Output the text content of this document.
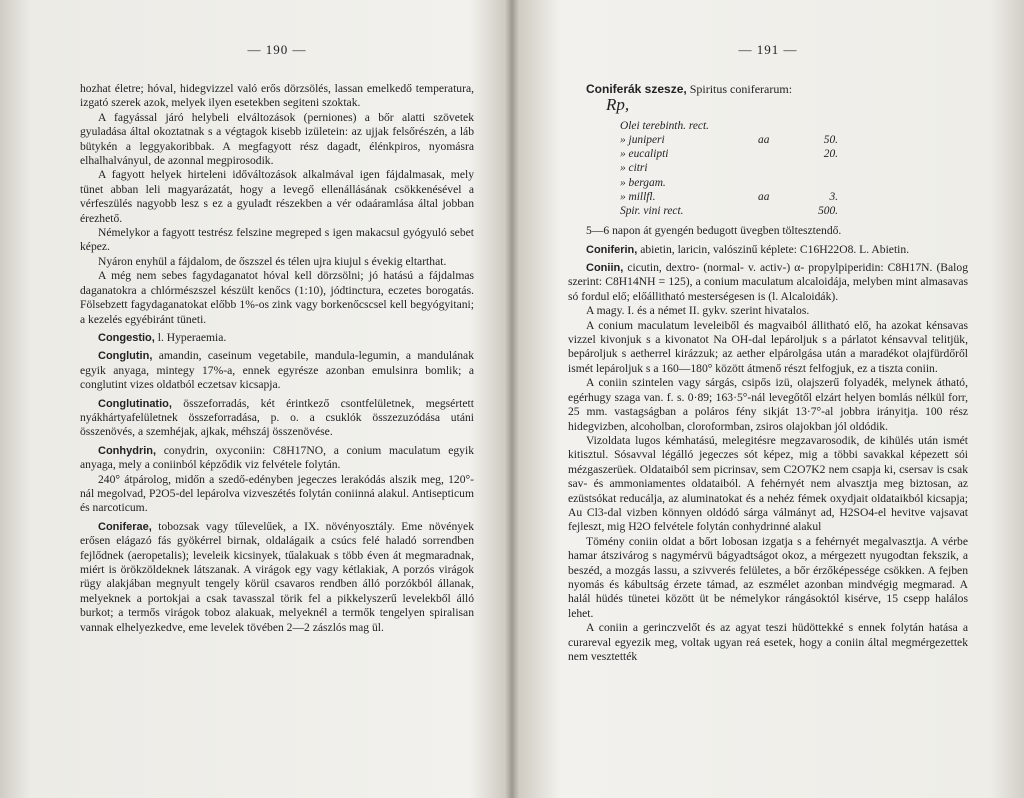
— 190 —

hozhat életre; hóval, hidegvizzel való erős dörzsölés, lassan emelkedő temperatura, izgató szerek azok, melyek ilyen esetekben segiteni szoktak.

A fagyással járó helybeli elváltozások (perniones) a bőr alatti szövetek gyuladása által okoztatnak s a végtagok kisebb izületein: az ujjak felsőrészén, a láb bütykén a leggyakoribbak. A megfagyott rész dagadt, élénkpiros, nyomásra elhalhalványul, de azonnal megpirosodik.

A fagyott helyek hirteleni időváltozások alkalmával igen fájdalmasak, mely tünet abban leli magyarázatát, hogy a levegő ellenállásának csökkenésével a vérfeszülés nagyobb lesz s ez a gyuladt részekben a vér odaáramlása által jobban érezhető.

Némelykor a fagyott testrész felszine megreped s igen makacsul gyógyuló sebet képez.

Nyáron enyhül a fájdalom, de őszszel és télen ujra kiujul s évekig eltarthat.

A még nem sebes fagydaganatot hóval kell dörzsölni; jó hatású a fájdalmas daganatokra a chlórmészszel készült kenőcs (1:10), jódtinctura, eczetes borogatás. Fölsebzett fagydaganatokat előbb 1%-os zink vagy borkenőcscsel kell begyógyitani; a kezelés egyébiránt tüneti.

Congestio, l. Hyperaemia.

Conglutin, amandin, caseinum vegetabile, mandula-legumin, a mandulának egyik anyaga, mintegy 17%-a, ennek egyrésze azonban emulsinra bomlik; a conglutint vizes oldatból eczetsav kicsapja.

Conglutinatio, összeforradás, két érintkező csontfelületnek, megsértett nyákhártyafelületnek összeforradása, p. o. a csuklók összezuzódása utáni összenövés, a szemhéjak, ajkak, méhszáj összenövése.

Conhydrin, conydrin, oxyconiin: C8H17NO, a conium maculatum egyik anyaga, mely a coniinból képződik viz felvétele folytán.

240° átpárolog, midőn a szedő-edényben jegeczes lerakódás alszik meg, 120°-nál megolvad, P2O5-del lepárolva vizveszétés folytán coniinná alakul. Antisepticum és narcoticum.

Coniferae, tobozsak vagy tűlevelűek, a IX. növényosztály. Eme növények erősen elágazó fás gyökérrel birnak, oldalágaik a csúcs felé haladó sorrendben fejlődnek (aeropetalis); leveleik kicsinyek, tűalakuak s több éven át megmaradnak, miért is örökzöldeknek látszanak. A virágok egy vagy kétlakiak, A porzós virágok rügy alakjában megnyult tengely körül csavaros rendben álló porzókból állanak, melyeknek a portokjai a csak tavasszal törik fel a pikkelyszerű levelekből álló burkot; a termős virágok toboz alakuak, melyeknél a termők tengelyen spiralisan vannak elhelyezkedve, eme levelek tövében 2—2 zászlós mag ül.

— 191 —

Coniferák szesze, Spiritus coniferarum:

Rp,
Olei terebinth. rect.
» juniperi	aa	50.
» eucalipti	20.
» citri
» bergam.
» millfl.	aa	3.
Spir. vini rect.	500.

5—6 napon át gyengén bedugott üvegben töltesztendő.

Coniferin, abietin, laricin, valószinű képlete: C16H22O8. L. Abietin.

Coniin, cicutin, dextro- (normal- v. activ-) α- propylpiperidin: C8H17N. (Balog szerint: C8H14NH = 125), a conium maculatum alcaloidája, melyben mint almasavas só fordul elő; előállitható mesterségesen is (l. Alcaloidák).

A magy. I. és a német II. gykv. szerint hivatalos.

A conium maculatum leveleiből és magvaiból állitható elő, ha azokat kénsavas vizzel kivonjuk s a kivonatot Na OH-dal lepároljuk s a párlatot kénsavval telitjük, bepároljuk s aetherrel kirázzuk; az aether elpárolgása után a maradékot olajfürdőről ismét lepároljuk s a 160—180° között átmenő részt felfogjuk, ez a tiszta coniin.

A coniin szintelen vagy sárgás, csipős izü, olajszerű folyadék, melynek átható, egérhugy szaga van. f. s. 0·89; 163·5°-nál levegőtől elzárt helyen bomlás nélkül forr, 25 mm. vastagságban a poláros fény sikját 13·7°-al jobbra irányitja. 100 rész hidegvizben, alcoholban, cloroformban, zsiros olajokban jól oldódik.

Vizoldata lugos kémhatású, melegitésre megzavarosodik, de kihülés után ismét kitisztul. Sósavval légálló jegeczes sót képez, mig a többi savakkal képezett sói mézgaszerüek. Oldataiból sem picrinsav, sem C2O7K2 nem csapja ki, csersav is csak sav- és ammoniamentes oldataiból. A fehérnyét nem alvasztja meg biztosan, az ezüstsókat reducálja, az aluminatokat és a nehéz fémek oxydjait oldataikból kicsapja; Au Cl3-dal vizben könnyen oldódó sárga válmányt ad, H2SO4-el hevitve vajsavat fejleszt, mig H2O felvétele folytán conhydrinné alakul

Tömény coniin oldat a bőrt lobosan izgatja s a fehérnyét megalvasztja. A vérbe hamar átszivárog s nagymérvü bágyadtságot okoz, a mérgezett nyugodtan fekszik, a beszéd, a mozgás lassu, a szivverés felületes, a bőr érzőképessége csökken. A fejben nyomás és kábultság érzete támad, az eszmélet azonban mindvégig megmarad. A halál hüdés tünetei között üt be némelykor rángásoktól kisérve, 15 csepp halálos lehet.

A coniin a gerinczvelőt és az agyat teszi hüdöttekké s ennek folytán hatása a curareval egyezik meg, voltak ugyan reá esetek, hogy a coniin által megmérgezettek nem vesztették
